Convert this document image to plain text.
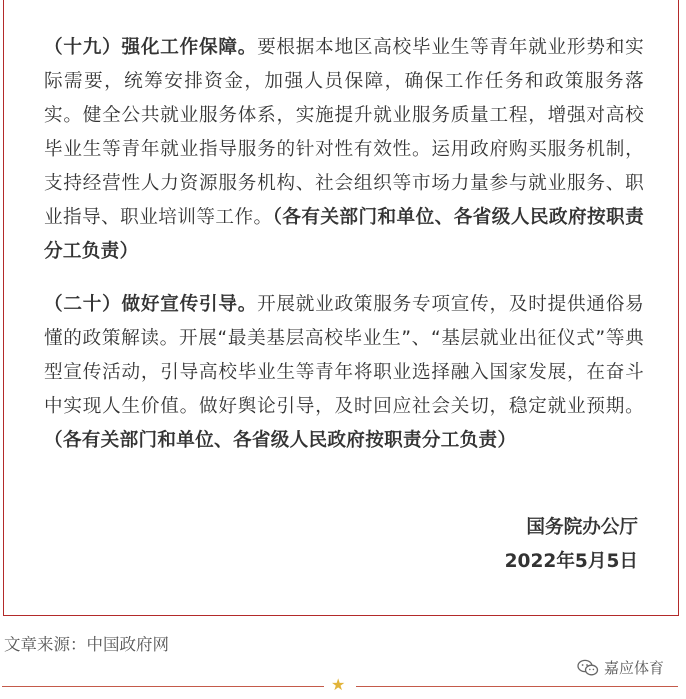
（十九）强化工作保障。要根据本地区高校毕业生等青年就业形势和实际需要，统筹安排资金，加强人员保障，确保工作任务和政策服务落实。健全公共就业服务体系，实施提升就业服务质量工程，增强对高校毕业生等青年就业指导服务的针对性有效性。运用政府购买服务机制，支持经营性人力资源服务机构、社会组织等市场力量参与就业服务、职业指导、职业培训等工作。（各有关部门和单位、各省级人民政府按职责分工负责）

（二十）做好宣传引导。开展就业政策服务专项宣传，及时提供通俗易懂的政策解读。开展“最美基层高校毕业生”、“基层就业出征仪式”等典型宣传活动，引导高校毕业生等青年将职业选择融入国家发展，在奋斗中实现人生价值。做好舆论引导，及时回应社会关切，稳定就业预期。（各有关部门和单位、各省级人民政府按职责分工负责）

国务院办公厅
2022年5月5日
文章来源：中国政府网
嘉应体育
★
